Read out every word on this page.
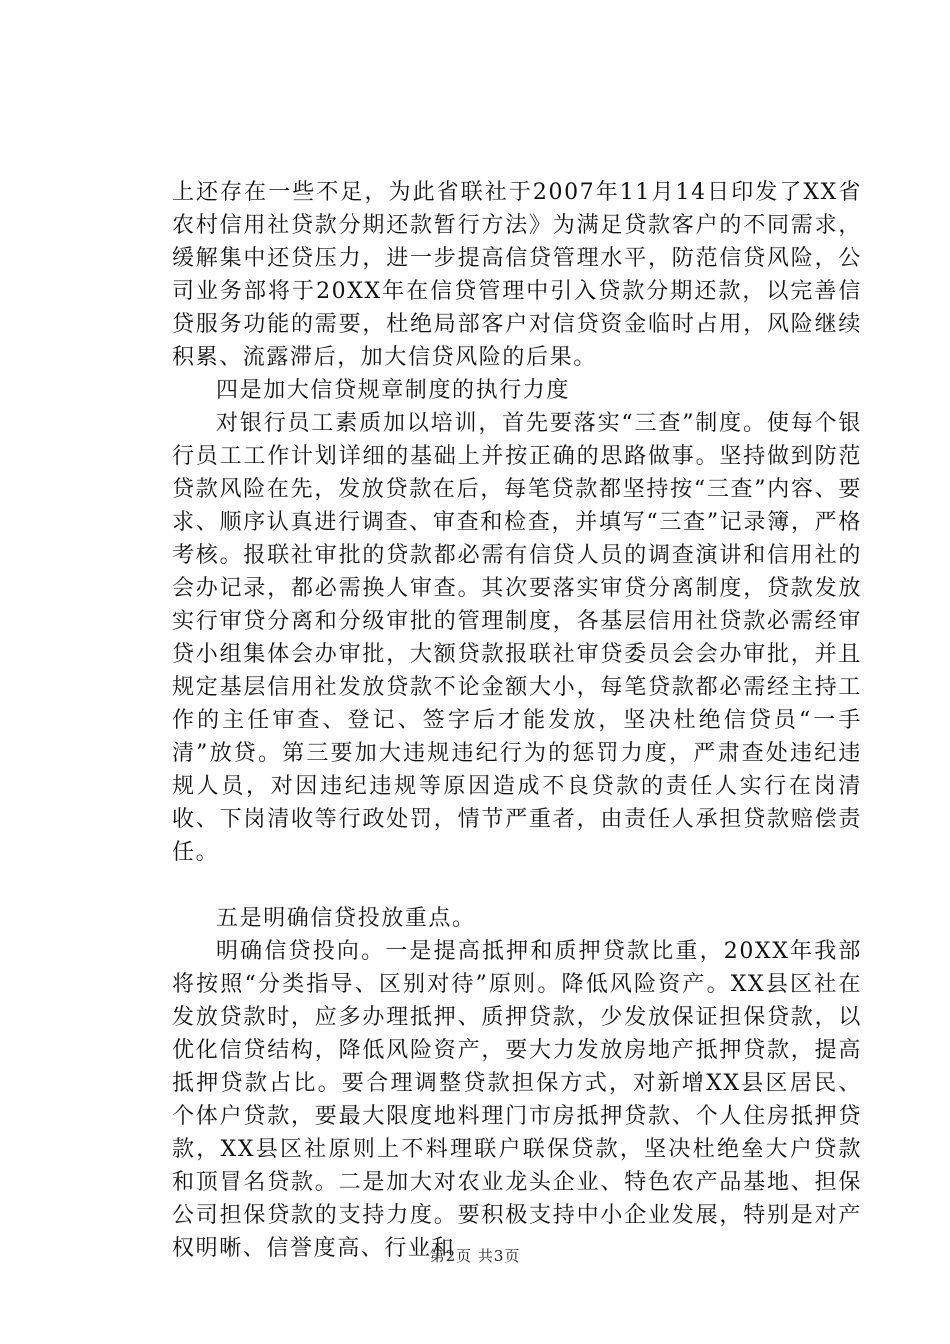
上还存在一些不足，为此省联社于2007年11月14日印发了XX省农村信用社贷款分期还款暂行方法》为满足贷款客户的不同需求，缓解集中还贷压力，进一步提高信贷管理水平，防范信贷风险，公司业务部将于20XX年在信贷管理中引入贷款分期还款，以完善信贷服务功能的需要，杜绝局部客户对信贷资金临时占用，风险继续积累、流露滞后，加大信贷风险的后果。

四是加大信贷规章制度的执行力度

对银行员工素质加以培训，首先要落实“三查”制度。使每个银行员工工作计划详细的基础上并按正确的思路做事。坚持做到防范贷款风险在先，发放贷款在后，每笔贷款都坚持按“三查”内容、要求、顺序认真进行调查、审查和检查，并填写“三查”记录簿，严格考核。报联社审批的贷款都必需有信贷人员的调查演讲和信用社的会办记录，都必需换人审查。其次要落实审贷分离制度，贷款发放实行审贷分离和分级审批的管理制度，各基层信用社贷款必需经审贷小组集体会办审批，大额贷款报联社审贷委员会会办审批，并且规定基层信用社发放贷款不论金额大小，每笔贷款都必需经主持工作的主任审查、登记、签字后才能发放，坚决杜绝信贷员“一手清”放贷。第三要加大违规违纪行为的惩罚力度，严肃查处违纪违规人员，对因违纪违规等原因造成不良贷款的责任人实行在岗清收、下岗清收等行政处罚，情节严重者，由责任人承担贷款赔偿责任。

五是明确信贷投放重点。

明确信贷投向。一是提高抵押和质押贷款比重，20XX年我部将按照“分类指导、区别对待”原则。降低风险资产。XX县区社在发放贷款时，应多办理抵押、质押贷款，少发放保证担保贷款，以优化信贷结构，降低风险资产，要大力发放房地产抵押贷款，提高抵押贷款占比。要合理调整贷款担保方式，对新增XX县区居民、个体户贷款，要最大限度地料理门市房抵押贷款、个人住房抵押贷款，XX县区社原则上不料理联户联保贷款，坚决杜绝垒大户贷款和顶冒名贷款。二是加大对农业龙头企业、特色农产品基地、担保公司担保贷款的支持力度。要积极支持中小企业发展，特别是对产权明晰、信誉度高、行业和

第2页 共3页
